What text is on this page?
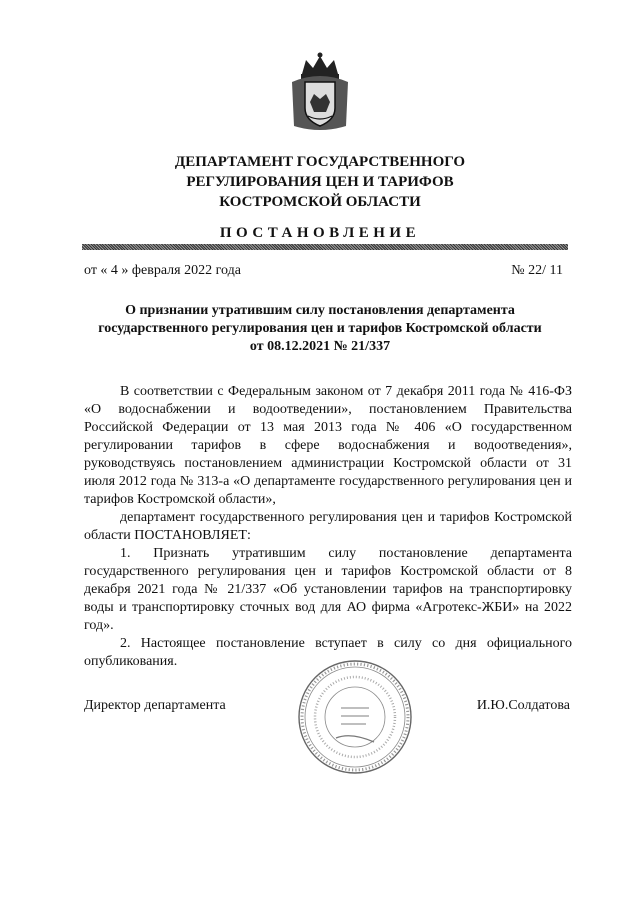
ДЕПАРТАМЕНТ ГОСУДАРСТВЕННОГО
РЕГУЛИРОВАНИЯ ЦЕН И ТАРИФОВ
КОСТРОМСКОЙ ОБЛАСТИ
ПОСТАНОВЛЕНИЕ
от « 4 » февраля 2022 года	№ 22/ 11
О признании утратившим силу постановления департамента
государственного регулирования цен и тарифов Костромской области
от 08.12.2021 № 21/337

В соответствии с Федеральным законом от 7 декабря 2011 года № 416-ФЗ «О водоснабжении и водоотведении», постановлением Правительства Российской Федерации от 13 мая 2013 года № 406 «О государственном регулировании тарифов в сфере водоснабжения и водоотведения», руководствуясь постановлением администрации Костромской области от 31 июля 2012 года № 313-а «О департаменте государственного регулирования цен и тарифов Костромской области»,

департамент государственного регулирования цен и тарифов Костромской области ПОСТАНОВЛЯЕТ:

1. Признать утратившим силу постановление департамента государственного регулирования цен и тарифов Костромской области от 8 декабря 2021 года № 21/337 «Об установлении тарифов на транспортировку воды и транспортировку сточных вод для АО фирма «Агротекс-ЖБИ» на 2022 год».

2. Настоящее постановление вступает в силу со дня официального опубликования.

Директор департамента	И.Ю.Солдатова
